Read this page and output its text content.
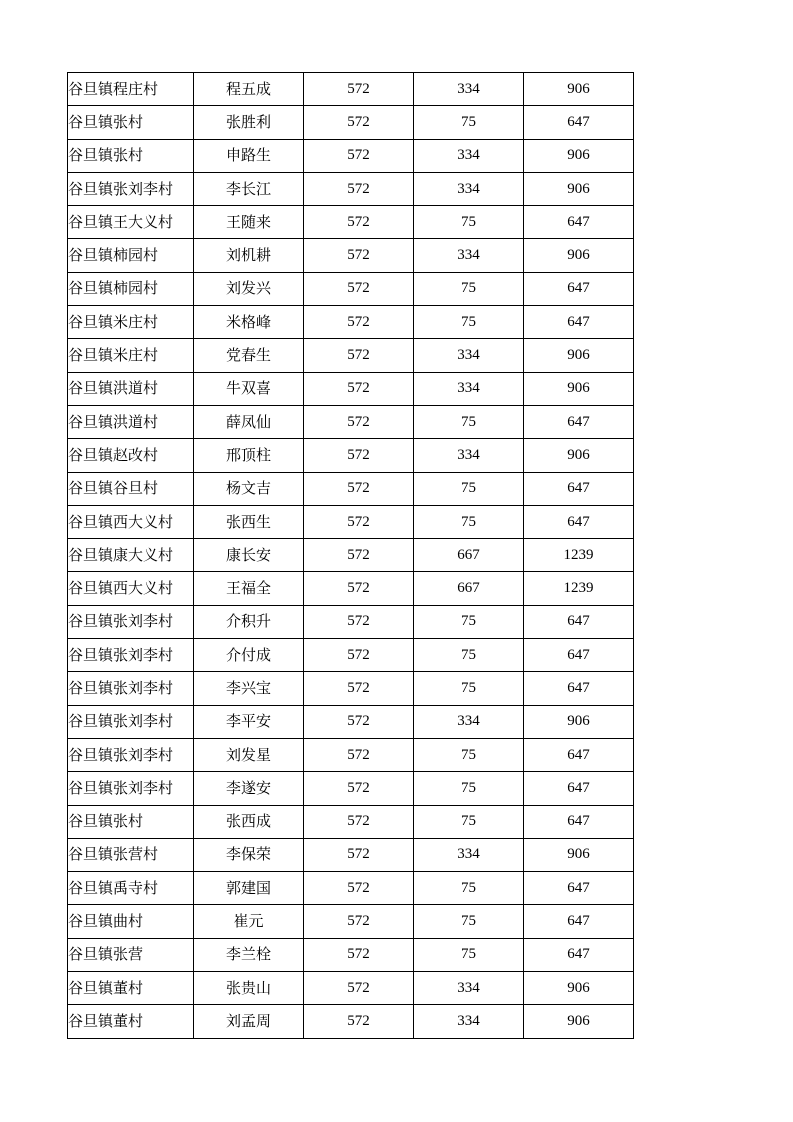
谷旦镇程庄村	程五成	572	334	906
谷旦镇张村	张胜利	572	75	647
谷旦镇张村	申路生	572	334	906
谷旦镇张刘李村	李长江	572	334	906
谷旦镇王大义村	王随来	572	75	647
谷旦镇柿园村	刘机耕	572	334	906
谷旦镇柿园村	刘发兴	572	75	647
谷旦镇米庄村	米格峰	572	75	647
谷旦镇米庄村	党春生	572	334	906
谷旦镇洪道村	牛双喜	572	334	906
谷旦镇洪道村	薛凤仙	572	75	647
谷旦镇赵改村	邢顶柱	572	334	906
谷旦镇谷旦村	杨文吉	572	75	647
谷旦镇西大义村	张西生	572	75	647
谷旦镇康大义村	康长安	572	667	1239
谷旦镇西大义村	王福全	572	667	1239
谷旦镇张刘李村	介积升	572	75	647
谷旦镇张刘李村	介付成	572	75	647
谷旦镇张刘李村	李兴宝	572	75	647
谷旦镇张刘李村	李平安	572	334	906
谷旦镇张刘李村	刘发星	572	75	647
谷旦镇张刘李村	李遂安	572	75	647
谷旦镇张村	张西成	572	75	647
谷旦镇张营村	李保荣	572	334	906
谷旦镇禹寺村	郭建国	572	75	647
谷旦镇曲村	崔元	572	75	647
谷旦镇张营	李兰栓	572	75	647
谷旦镇董村	张贵山	572	334	906
谷旦镇董村	刘孟周	572	334	906
